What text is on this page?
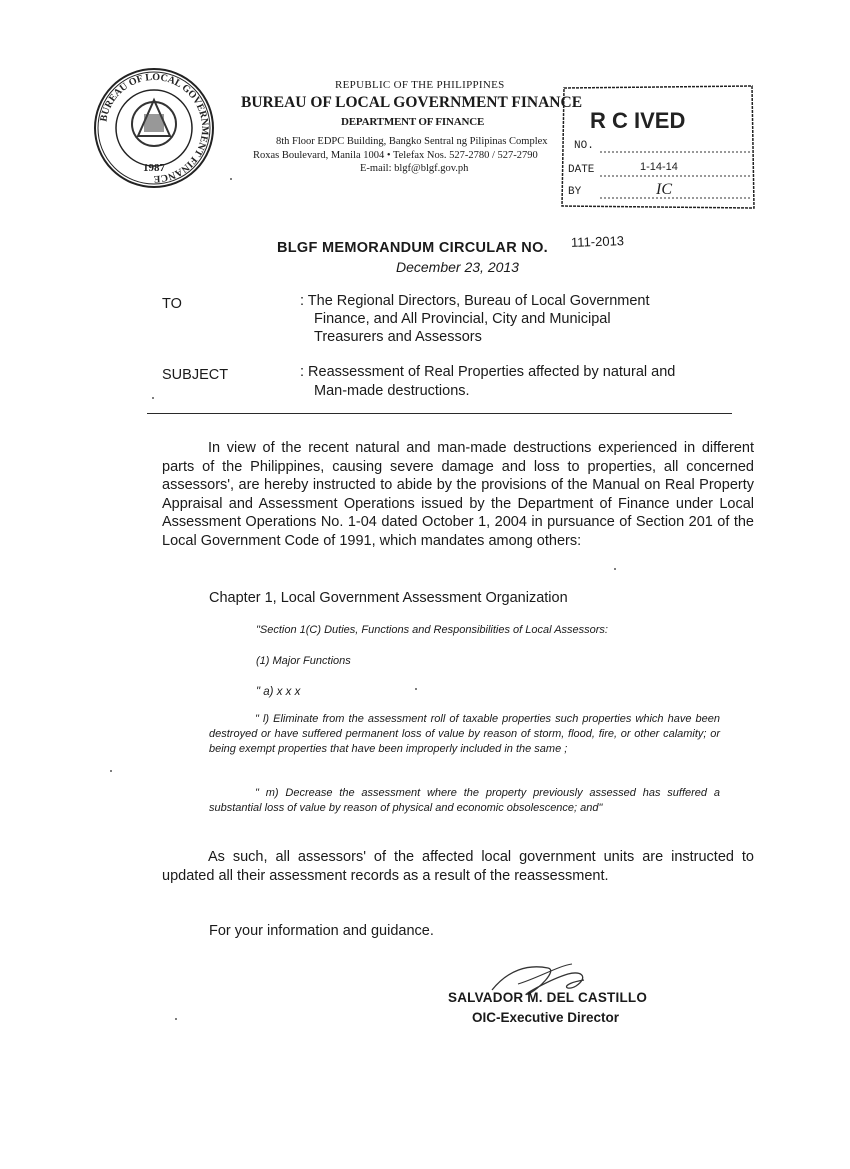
BUREAU OF LOCAL GOVERNMENT FINANCE
1987
REPUBLIC OF THE PHILIPPINES
BUREAU OF LOCAL GOVERNMENT FINANCE
DEPARTMENT OF FINANCE
8th Floor EDPC Building, Bangko Sentral ng Pilipinas Complex
Roxas Boulevard, Manila 1004 • Telefax Nos. 527-2780 / 527-2790
E-mail: blgf@blgf.gov.ph
R C IVED
NO.
DATE	1-14-14
BY	IC
BLGF MEMORANDUM CIRCULAR NO. 111-2013
December 23, 2013
TO	: The Regional Directors, Bureau of Local Government
Finance, and All Provincial, City and Municipal
Treasurers and Assessors
SUBJECT	: Reassessment of Real Properties affected by natural and
Man-made destructions.
In view of the recent natural and man-made destructions experienced in different parts of the Philippines, causing severe damage and loss to properties, all concerned assessors', are hereby instructed to abide by the provisions of the Manual on Real Property Appraisal and Assessment Operations issued by the Department of Finance under Local Assessment Operations No. 1-04 dated October 1, 2004 in pursuance of Section 201 of the Local Government Code of 1991, which mandates among others:
Chapter 1, Local Government Assessment Organization
"Section 1(C) Duties, Functions and Responsibilities of Local Assessors:
(1) Major Functions
" a) x x x
" l) Eliminate from the assessment roll of taxable properties such properties which have been destroyed or have suffered permanent loss of value by reason of storm, flood, fire, or other calamity; or being exempt properties that have been improperly included in the same ;
" m) Decrease the assessment where the property previously assessed has suffered a substantial loss of value by reason of physical and economic obsolescence; and"
As such, all assessors' of the affected local government units are instructed to updated all their assessment records as a result of the reassessment.
For your information and guidance.
SALVADOR M. DEL CASTILLO
OIC-Executive Director
